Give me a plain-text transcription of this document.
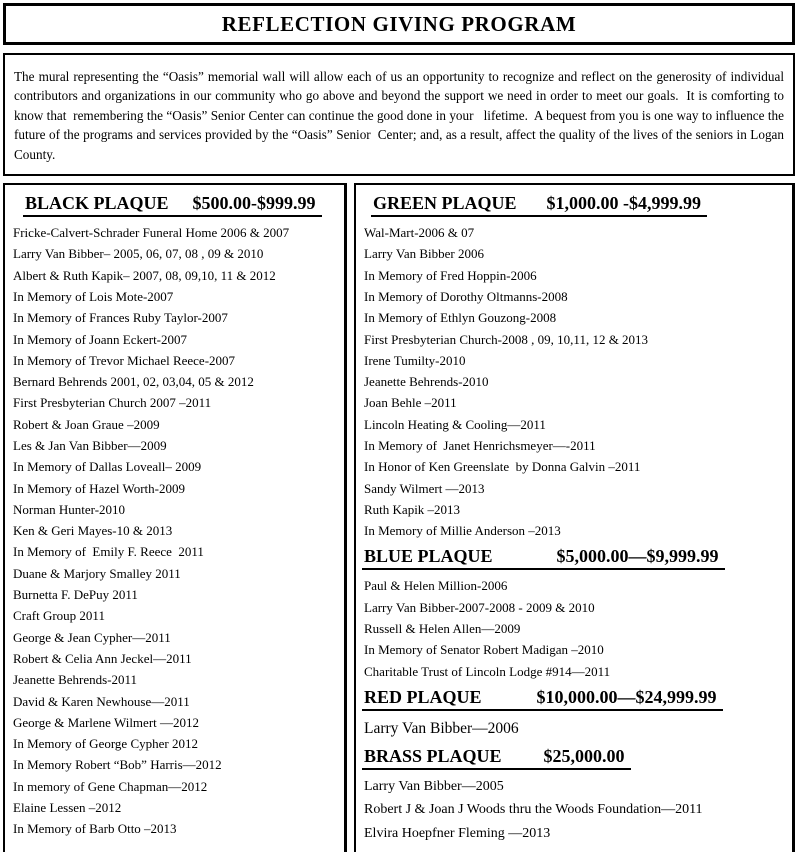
REFLECTION GIVING PROGRAM

The mural representing the “Oasis” memorial wall will allow each of us an opportunity to recognize and reflect on the generosity of individual contributors and organizations in our community who go above and beyond the support we need in order to meet our goals.  It is comforting to know that  remembering the “Oasis” Senior Center can continue the good done in your   lifetime.  A bequest from you is one way to influence the future of the programs and services provided by the “Oasis” Senior  Center; and, as a result, affect the quality of the lives of the seniors in Logan County.

BLACK PLAQUE $500.00-$999.99
Fricke-Calvert-Schrader Funeral Home 2006 & 2007
Larry Van Bibber– 2005, 06, 07, 08 , 09 & 2010
Albert & Ruth Kapik– 2007, 08, 09,10, 11 & 2012
In Memory of Lois Mote-2007
In Memory of Frances Ruby Taylor-2007
In Memory of Joann Eckert-2007
In Memory of Trevor Michael Reece-2007
Bernard Behrends 2001, 02, 03,04, 05 & 2012
First Presbyterian Church 2007 –2011
Robert & Joan Graue –2009
Les & Jan Van Bibber—2009
In Memory of Dallas Loveall– 2009
In Memory of Hazel Worth-2009
Norman Hunter-2010
Ken & Geri Mayes-10 & 2013
In Memory of  Emily F. Reece  2011
Duane & Marjory Smalley 2011
Burnetta F. DePuy 2011
Craft Group 2011
George & Jean Cypher—2011
Robert & Celia Ann Jeckel—2011
Jeanette Behrends-2011
David & Karen Newhouse—2011
George & Marlene Wilmert —2012
In Memory of George Cypher 2012
In Memory Robert “Bob” Harris—2012
In memory of Gene Chapman—2012
Elaine Lessen –2012
In Memory of Barb Otto –2013
GREEN PLAQUE $1,000.00 -$4,999.99
Wal-Mart-2006 & 07
Larry Van Bibber 2006
In Memory of Fred Hoppin-2006
In Memory of Dorothy Oltmanns-2008
In Memory of Ethlyn Gouzong-2008
First Presbyterian Church-2008 , 09, 10,11, 12 & 2013
Irene Tumilty-2010
Jeanette Behrends-2010
Joan Behle –2011
Lincoln Heating & Cooling—2011
In Memory of  Janet Henrichsmeyer—-2011
In Honor of Ken Greenslate  by Donna Galvin –2011
Sandy Wilmert —2013
Ruth Kapik –2013
In Memory of Millie Anderson –2013
BLUE PLAQUE	$5,000.00—$9,999.99
Paul & Helen Million-2006
Larry Van Bibber-2007-2008 - 2009 & 2010
Russell & Helen Allen—2009
In Memory of Senator Robert Madigan –2010
Charitable Trust of Lincoln Lodge #914—2011
RED PLAQUE	$10,000.00—$24,999.99
Larry Van Bibber—2006
BRASS PLAQUE $25,000.00
Larry Van Bibber—2005
Robert J & Joan J Woods thru the Woods Foundation—2011
Elvira Hoepfner Fleming —2013
